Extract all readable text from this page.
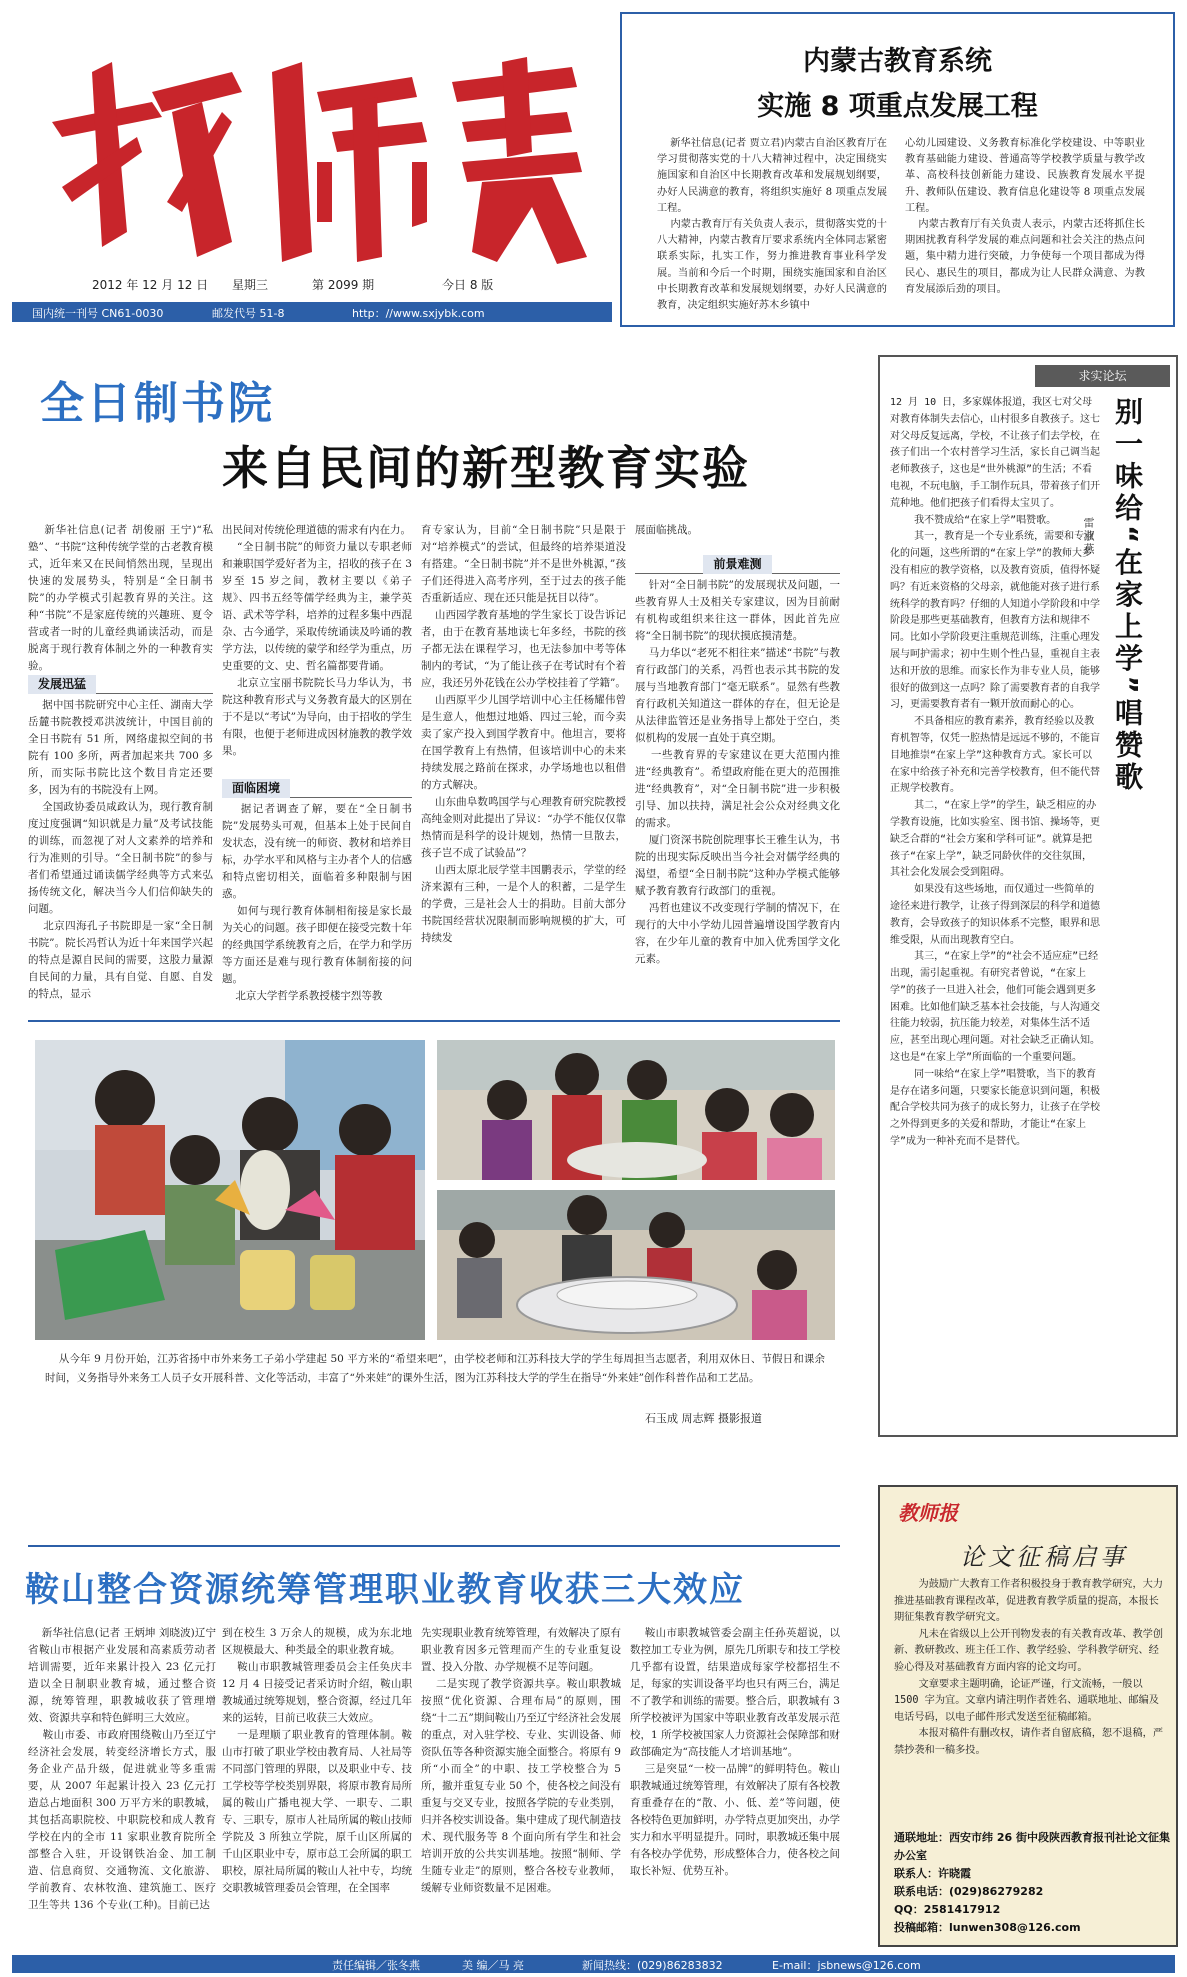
2012 年 12 月 12 日 星期三	第 2099 期	今日 8 版
国内统一刊号 CN61-0030	邮发代号 51-8	http：//www.sxjybk.com
内蒙古教育系统
实施 8 项重点发展工程
新华社信息(记者 贾立君)内蒙古自治区教育厅在学习贯彻落实党的十八大精神过程中，决定围绕实施国家和自治区中长期教育改革和发展规划纲要，办好人民满意的教育，将组织实施好 8 项重点发展工程。
内蒙古教育厅有关负责人表示，贯彻落实党的十八大精神，内蒙古教育厅要求系统内全体同志紧密联系实际，扎实工作，努力推进教育事业科学发展。当前和今后一个时期，围绕实施国家和自治区中长期教育改革和发展规划纲要，办好人民满意的教育，决定组织实施好苏木乡镇中
心幼儿园建设、义务教育标准化学校建设、中等职业教育基础能力建设、普通高等学校教学质量与教学改革、高校科技创新能力建设、民族教育发展水平提升、教师队伍建设、教育信息化建设等 8 项重点发展工程。
内蒙古教育厅有关负责人表示，内蒙古还将抓住长期困扰教育科学发展的难点问题和社会关注的热点问题，集中精力进行突破，力争使每一个项目都成为得民心、惠民生的项目，都成为让人民群众满意、为教育发展添后劲的项目。
全日制书院
来自民间的新型教育实验
新华社信息(记者 胡俊丽 王宁)“私塾”、“书院”这种传统学堂的古老教育模式，近年来又在民间悄然出现，呈现出快速的发展势头，特别是“全日制书院”的办学模式引起教育界的关注。这种“书院”不是家庭传统的兴趣班、夏令营或者一时的儿童经典诵读活动，而是脱离于现行教育体制之外的一种教育实验。
发展迅猛
据中国书院研究中心主任、湖南大学岳麓书院教授邓洪波统计，中国目前的全日书院有 51 所，网络虚拟空间的书院有 100 多所，两者加起来共 700 多所，而实际书院比这个数目肯定还要多，因为有的书院没有上网。
全国政协委员咸政认为，现行教育制度过度强调“知识就是力量”及考试技能的训练，而忽视了对人文素养的培养和行为准则的引导。“全日制书院”的参与者们希望通过诵读儒学经典等方式来弘扬传统文化，解决当今人们信仰缺失的问题。
北京四海孔子书院即是一家“全日制书院”。院长冯哲认为近十年来国学兴起的特点是源自民间的需要，这股力量源自民间的力量，具有自觉、自愿、自发的特点，显示
出民间对传统伦理道德的需求有内在力。
“全日制书院”的师资力量以专职老师和兼职国学爱好者为主，招收的孩子在 3 岁至 15 岁之间，教材主要以《弟子规》、四书五经等儒学经典为主，兼学英语、武术等学科，培养的过程多集中西混杂、古今通学，采取传统诵读及吟诵的教学方法，以传统的蒙学和经学为重点，历史重要的文、史、哲名篇都要背诵。
北京立宝丽书院院长马力华认为，书院这种教育形式与义务教育最大的区别在于不是以“考试”为导向，由于招收的学生有限，也便于老师进成因材施教的教学效果。
面临困境
据记者调查了解，要在“全日制书院”发展势头可观，但基本上处于民间自发状态，没有统一的师资、教材和培养目标，办学水平和风格与主办者个人的信感和特点密切相关，面临着多种限制与困惑。
如何与现行教育体制相衔接是家长最为关心的问题。孩子即便在接受完数十年的经典国学系统教育之后，在学力和学历等方面还是难与现行教育体制衔接的问题。
北京大学哲学系教授楼宇烈等教
育专家认为，目前“全日制书院”只是限于对“培养模式”的尝试，但最终的培养渠道没有搭建。“全日制书院”并不是世外桃源，”孩子们还得进入高考序列，至于过去的孩子能否重新适应、现在还只能是抚目以待”。
山西园学教育基地的学生家长丁设告诉记者，由于在教育基地读七年多经，书院的孩子都无法在课程学习，也无法参加中考等体制内的考试，“为了能让孩子在考试时有个着应，我还另外花钱在公办学校挂着了学籍”。
山西原平少儿国学培训中心主任杨耀伟曾是生意人，他想过地婚、四过三轮，而今卖卖了家产投入到国学教育中。他坦言，要将在国学教育上有热情，但该培训中心的未来持续发展之路前在探求，办学场地也以租借的方式解决。
山东曲阜数鸣国学与心理教育研究院教授高纯金则对此提出了异议：“办学不能仅仅靠热情而是科学的设计规划，热情一旦散去，孩子岂不成了试验品”？
山西太原北辰学堂丰国鹏表示，学堂的经济来源有三种，一是个人的积蓄，二是学生的学费，三是社会人士的捐助。目前大部分书院国经营状况限制而影响规模的扩大，可持续发
展面临挑战。
前景难测
针对“全日制书院”的发展现状及问题，一些教育界人士及相关专家建议，因为目前耐有机构或组织来往这一群体，因此首先应将“全日制书院”的现状摸底摸清楚。
马力华以“老死不相往来”描述“书院”与教育行政部门的关系，冯哲也表示其书院的发展与当地教育部门“毫无联系”。显然有些教育行政机关知道这一群体的存在，但无论是从法律监管还是业务指导上都处于空白，类似机构的发展一直处于真空期。
一些教育界的专家建议在更大范围内推进“经典教育”。希望政府能在更大的范围推进“经典教育”，对“全日制书院”进一步积极引导、加以扶持，满足社会公众对经典文化的需求。
厦门资深书院创院理事长王雅生认为，书院的出现实际反映出当今社会对儒学经典的渴望，希望“全日制书院”这种办学模式能够赋予教育教育行政部门的重视。
冯哲也建议不改变现行学制的情况下，在现行的大中小学幼儿园普遍增设国学教育内容，在少年儿童的教育中加入优秀国学文化元素。
从今年 9 月份开始，江苏省扬中市外来务工子弟小学建起 50 平方米的“希望来吧”，由学校老师和江苏科技大学的学生每周担当志愿者，利用双休日、节假日和课余时间，义务指导外来务工人员子女开展科普、文化等活动，丰富了“外来娃”的课外生活，图为江苏科技大学的学生在指导“外来娃”创作科普作品和工艺品。
石玉成 周志辉 摄影报道
鞍山整合资源统筹管理职业教育收获三大效应
新华社信息(记者 王炳坤 刘晓波)辽宁省鞍山市根据产业发展和高素质劳动者培训需要，近年来累计投入 23 亿元打造以全日制职业教育城，通过整合资源，统筹管理，职教城收获了管理增效、资源共享和特色鲜明三大效应。
鞍山市委、市政府围绕鞍山乃至辽宁经济社会发展，转变经济增长方式，服务企业产品升级，促进就业等多重需要，从 2007 年起累计投入 23 亿元打造总占地面积 300 万平方米的职教城，其包括高职院校、中职院校和成人教育学校在内的全市 11 家职业教育院所全部整合入驻，开设钢铁冶金、加工制造、信息商贸、交通物流、文化旅游、学前教育、农林牧渔、建筑施工、医疗卫生等共 136 个专业(工种)。目前已达
到在校生 3 万余人的规模，成为东北地区规模最大、种类最全的职业教育城。
鞍山市职教城管理委员会主任奂庆丰 12 月 4 日接受记者采访时介绍，鞍山职教城通过统筹规划，整合资源，经过几年来的运转，目前已收获三大效应。
一是理顺了职业教育的管理体制。鞍山市打破了职业学校由教育局、人社局等不同部门管理的界限，以及职业中专、技工学校等学校类别界限，将原市教育局所属的鞍山广播电视大学、一职专、二职专、三职专，原市人社局所属的鞍山技师学院及 3 所独立学院，原千山区所属的千山区职业中专，原市总工会所属的职工职校，原社局所属的鞍山人社中专，均统交职教城管理委员会管理，在全国率
先实现职业教育统筹管理，有效解决了原有职业教育因多元管理而产生的专业重复设置、投入分散、办学规模不足等问题。
二是实现了教学资源共享。鞍山职教城按照“优化资源、合理布局”的原则，围绕“十二五”期间鞍山乃至辽宁经济社会发展的重点，对入驻学校、专业、实训设备、师资队伍等各种资源实施全面整合。将原有 9 所“小而全”的中职、技工学校整合为 5 所，撤并重复专业 50 个，使各校之间没有重复与交叉专业，按照各学院的专业类别，归并各校实训设备。集中建成了现代制造技术、现代服务等 8 个面向所有学生和社会培训开放的公共实训基地。按照“制师、学生随专业走”的原则，整合各校专业教师，缓解专业师资数量不足困难。
鞍山市职教城管委会副主任孙英超说，以数控加工专业为例，原先几所职专和技工学校几乎都有设置，结果造成每家学校都招生不足，每家的实训设备平均也只有两三台，满足不了教学和训练的需要。整合后，职教城有 3 所学校被评为国家中等职业教育改革发展示范校，1 所学校被国家人力资源社会保障部和财政部确定为“高技能人才培训基地”。
三是突显“一校一品牌”的鲜明特色。鞍山职教城通过统筹管理，有效解决了原有各校教育重叠存在的“散、小、低、差”等问题，使各校特色更加鲜明，办学特点更加突出，办学实力和水平明显提升。同时，职教城还集中展有各校办学优势，形成整体合力，使各校之间取长补短、优势互补。
求实论坛
别一味给“在家上学”唱赞歌
雷淑燕
12 月 10 日，多家媒体报道，我区七对父母对教育体制失去信心，山村很多自教孩子。这七对父母反复远离，学校，不让孩子们去学校，在孩子们出一个农村普学习生活，家长自己调当起老师教孩子，这也是“世外桃源”的生活；不看电视，不玩电脑，手工制作玩具，带着孩子们开荒种地。他们把孩子们看得太宝贝了。
我不赞成给“在家上学”唱赞歌。
其一，教育是一个专业系统，需要和专业化的问题，这些所谓的“在家上学”的教师大多没有相应的教学资格，以及教育资质，值得怀疑吗？有近来资格的父母亲，就他能对孩子进行系统科学的教育吗？仔细的人知道小学阶段和中学阶段是那些更基础教育，但教育方法和规律不同。比如小学阶段更注重规范训练，注重心理发展与呵护需求；初中生则个性凸显，重视自主表达和开放的思维。而家长作为非专业人员，能够很好的做到这一点吗？除了需要教育者的自我学习，更需要教育者有一颗开放而耐心的心。
不具备相应的教育素养，教育经验以及教育机智等，仅凭一腔热情是远远不够的，不能盲目地推崇“在家上学”这种教育方式。家长可以在家中给孩子补充和完善学校教育，但不能代替正规学校教育。
其二，“在家上学”的学生，缺乏相应的办学教育设施，比如实验室、图书馆、操场等，更缺乏合群的“社会方案和学科可证”。就算是把孩子“在家上学”，缺乏同龄伙伴的交往氛围，其社会化发展会受到阻碍。
如果没有这些场地，而仅通过一些简单的途径来进行教学，让孩子得到深层的科学和道德教育，会导致孩子的知识体系不完整，眼界和思维受限，从而出现教育空白。
其三，“在家上学”的“社会不适应症”已经出现，需引起重视。有研究者曾说，“在家上学”的孩子一旦进入社会，他们可能会遇到更多困难。比如他们缺乏基本社会技能，与人沟通交往能力较弱，抗压能力较差，对集体生活不适应，甚至出现心理问题。对社会缺乏正确认知。这也是“在家上学”所面临的一个重要问题。
同一味给“在家上学”唱赞歌，当下的教育是存在诸多问题，只要家长能意识到问题，积极配合学校共同为孩子的成长努力，让孩子在学校之外得到更多的关爱和帮助，才能让“在家上学”成为一种补充而不是替代。
教师报
论文征稿启事
为鼓励广大教育工作者积极投身于教育教学研究，大力推进基础教育课程改革，促进教育教学质量的提高，本报长期征集教育教学研究文。
凡未在省级以上公开刊物发表的有关教育改革、教学创新、教研教改、班主任工作、教学经验、学科教学研究、经验心得及对基础教育方面内容的论文均可。
文章要求主题明确，论证严谨，行文流畅，一般以 1500 字为宜。文章内请注明作者姓名、通联地址、邮编及电话号码，以电子邮件形式发送至征稿邮箱。
本报对稿件有删改权，请作者自留底稿，恕不退稿，严禁抄袭和一稿多投。
通联地址：西安市纬 26 街中段陕西教育报刊社论文征集办公室
联系人：许晓霞
联系电话：(029)86279282
QQ：2581417912
投稿邮箱：lunwen308@126.com
责任编辑／张冬燕	美 编／马 亮	新闻热线：(029)86283832	E-mail：jsbnews@126.com
